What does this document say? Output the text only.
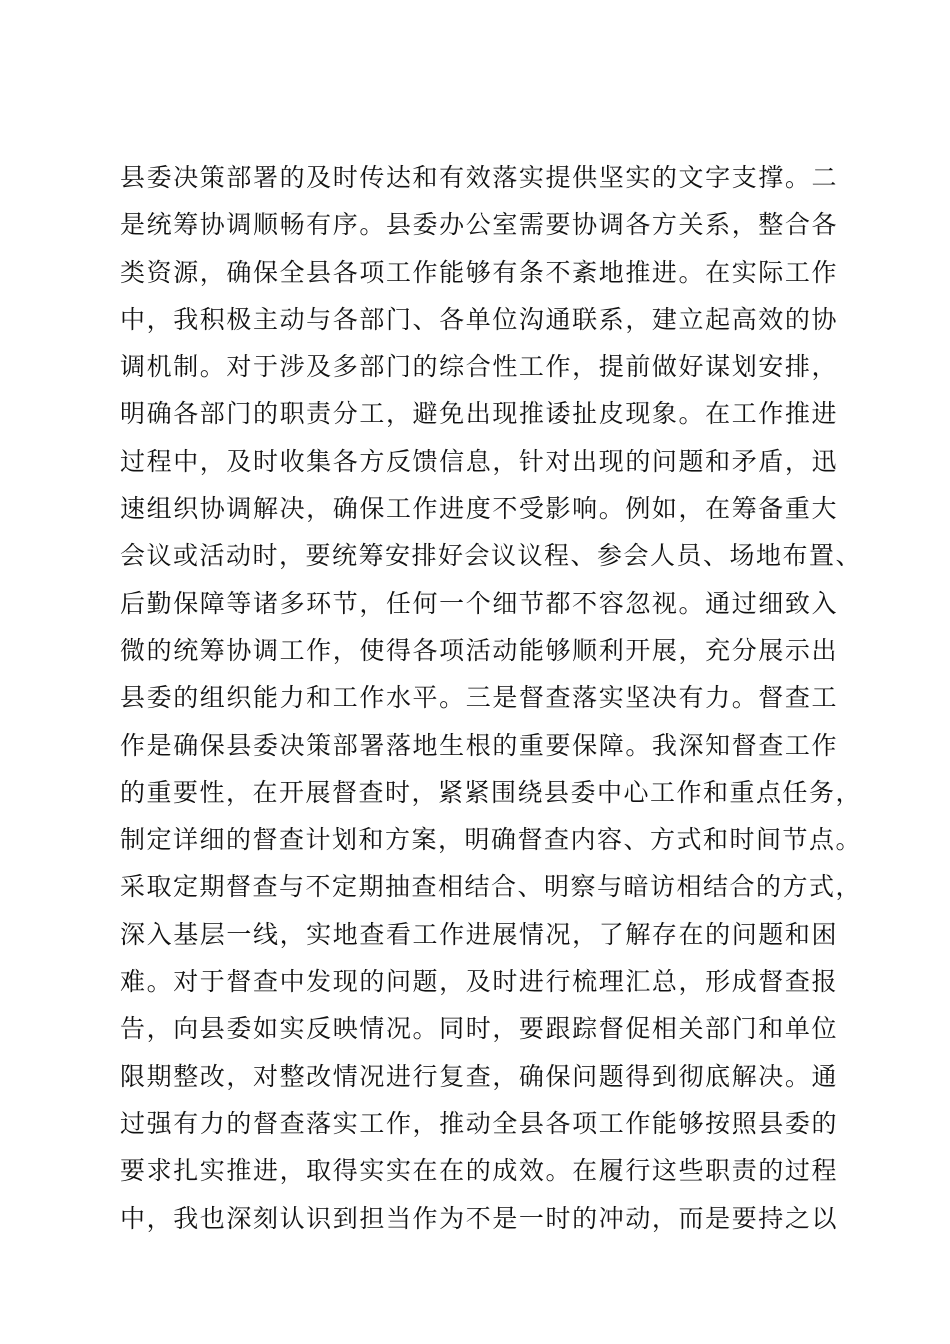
县委决策部署的及时传达和有效落实提供坚实的文字支撑。二
是统筹协调顺畅有序。县委办公室需要协调各方关系，整合各
类资源，确保全县各项工作能够有条不紊地推进。在实际工作
中，我积极主动与各部门、各单位沟通联系，建立起高效的协
调机制。对于涉及多部门的综合性工作，提前做好谋划安排，
明确各部门的职责分工，避免出现推诿扯皮现象。在工作推进
过程中，及时收集各方反馈信息，针对出现的问题和矛盾，迅
速组织协调解决，确保工作进度不受影响。例如，在筹备重大
会议或活动时，要统筹安排好会议议程、参会人员、场地布置、
后勤保障等诸多环节，任何一个细节都不容忽视。通过细致入
微的统筹协调工作，使得各项活动能够顺利开展，充分展示出
县委的组织能力和工作水平。三是督查落实坚决有力。督查工
作是确保县委决策部署落地生根的重要保障。我深知督查工作
的重要性，在开展督查时，紧紧围绕县委中心工作和重点任务，
制定详细的督查计划和方案，明确督查内容、方式和时间节点。
采取定期督查与不定期抽查相结合、明察与暗访相结合的方式，
深入基层一线，实地查看工作进展情况，了解存在的问题和困
难。对于督查中发现的问题，及时进行梳理汇总，形成督查报
告，向县委如实反映情况。同时，要跟踪督促相关部门和单位
限期整改，对整改情况进行复查，确保问题得到彻底解决。通
过强有力的督查落实工作，推动全县各项工作能够按照县委的
要求扎实推进，取得实实在在的成效。在履行这些职责的过程
中，我也深刻认识到担当作为不是一时的冲动，而是要持之以
